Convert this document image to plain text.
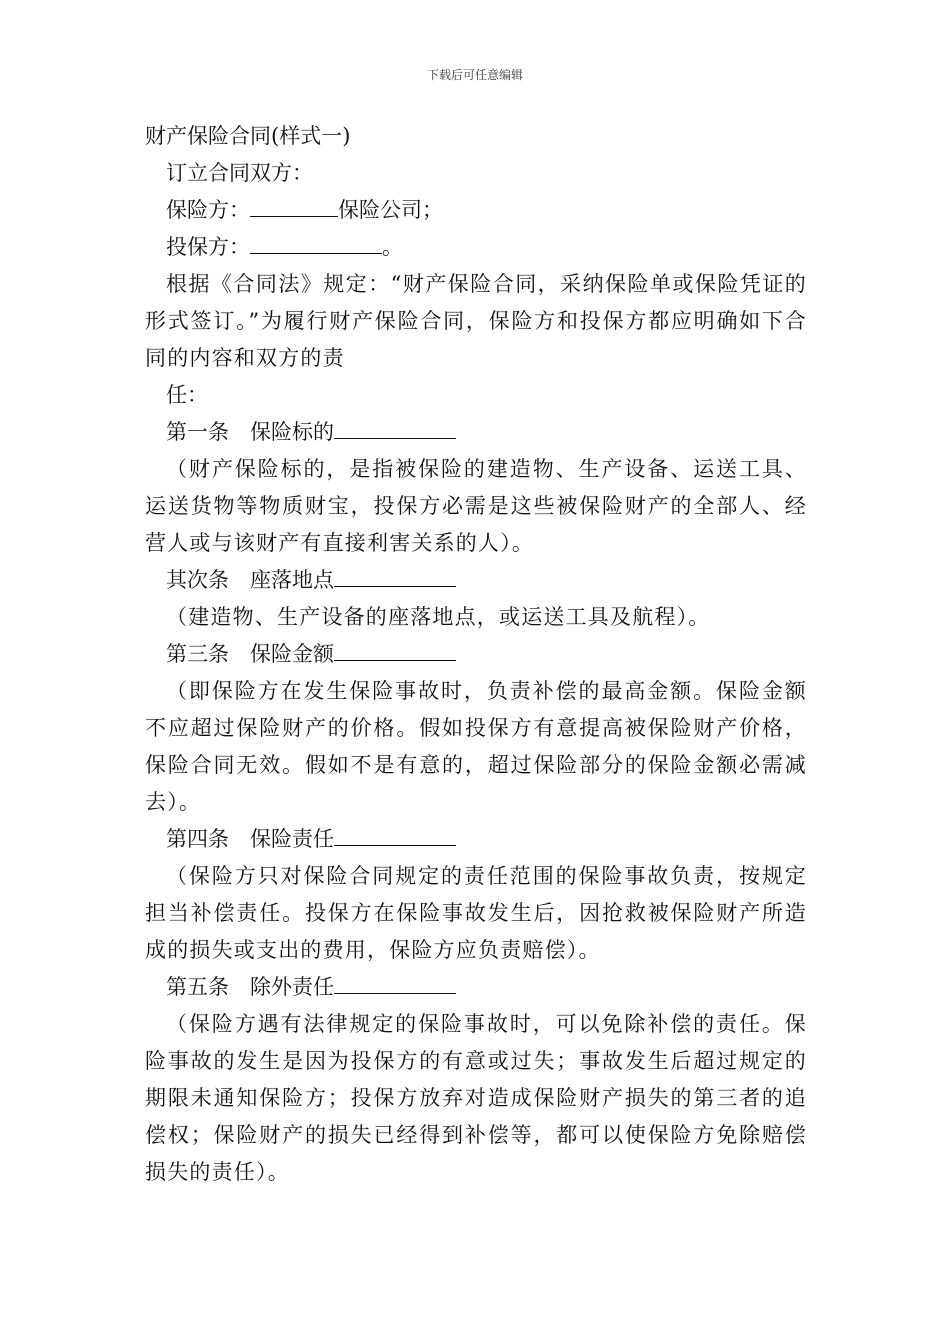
下载后可任意编辑
财产保险合同(样式一)
订立合同双方：
保险方：	保险公司；
投保方：	。
根据《合同法》规定：“财产保险合同，采纳保险单或保险凭证的形式签订。”为履行财产保险合同，保险方和投保方都应明确如下合同的内容和双方的责
任：
第一条 保险标的
（财产保险标的，是指被保险的建造物、生产设备、运送工具、运送货物等物质财宝，投保方必需是这些被保险财产的全部人、经营人或与该财产有直接利害关系的人）。
其次条 座落地点
（建造物、生产设备的座落地点，或运送工具及航程）。
第三条 保险金额
（即保险方在发生保险事故时，负责补偿的最高金额。保险金额不应超过保险财产的价格。假如投保方有意提高被保险财产价格，保险合同无效。假如不是有意的，超过保险部分的保险金额必需减去）。
第四条 保险责任
（保险方只对保险合同规定的责任范围的保险事故负责，按规定担当补偿责任。投保方在保险事故发生后，因抢救被保险财产所造成的损失或支出的费用，保险方应负责赔偿）。
第五条 除外责任
（保险方遇有法律规定的保险事故时，可以免除补偿的责任。保险事故的发生是因为投保方的有意或过失；事故发生后超过规定的期限未通知保险方；投保方放弃对造成保险财产损失的第三者的追偿权；保险财产的损失已经得到补偿等，都可以使保险方免除赔偿损失的责任）。
